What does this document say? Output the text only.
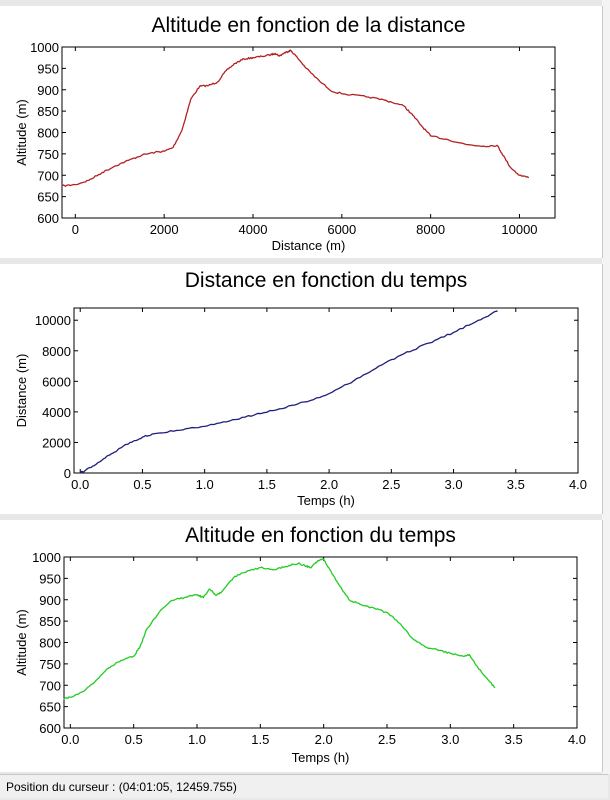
Altitude en fonction de la distance
0	2000	4000	6000	8000	10000
600
650
700
750
800
850
900
950
1000
Distance (m)
Altitude (m)
Distance en fonction du temps
0.0	0.5	1.0	1.5	2.0	2.5	3.0	3.5	4.0
0
2000
4000
6000
8000
10000
Temps (h)
Distance (m)
Altitude en fonction du temps
0.0	0.5	1.0	1.5	2.0	2.5	3.0	3.5	4.0
600
650
700
750
800
850
900
950
1000
Temps (h)
Altitude (m)
Position du curseur : (04:01:05, 12459.755)
